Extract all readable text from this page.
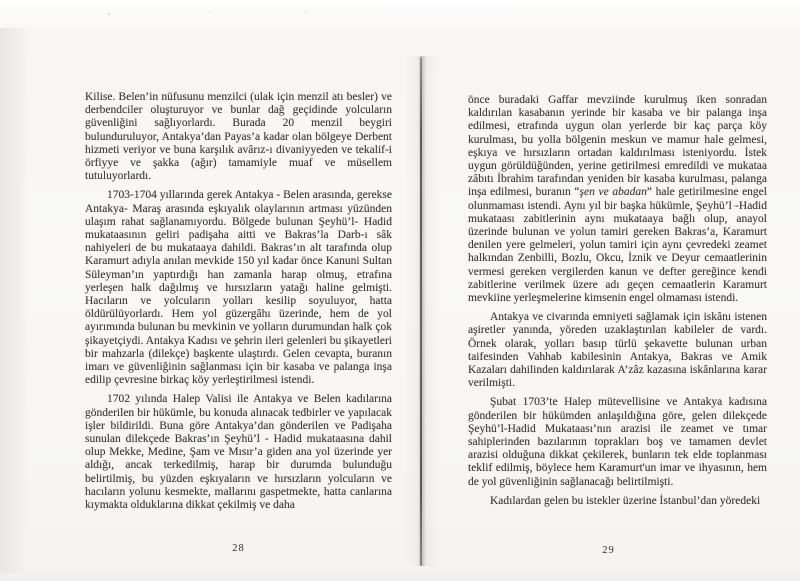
Kilise. Belen’in nüfusunu menzilci (ulak için menzil atı besler) ve derbendciler oluşturuyor ve bunlar dağ geçidinde yolcuların güvenliğini sağlıyorlardı. Burada 20 menzil beygiri bulunduruluyor, Antakya’dan Payas’a kadar olan bölgeye Derbent hizmeti veriyor ve buna karşılık avârız-ı divaniyyeden ve tekalif-i örfiyye ve şakka (ağır) tamamiyle muaf ve müsellem tutuluyorlardı.

1703-1704 yıllarında gerek Antakya - Belen arasında, gerekse Antakya- Maraş arasında eşkıyalık olaylarının artması yüzünden ulaşım rahat sağlanamıyordu. Bölgede bulunan Şeyhü’l- Hadid mukataasının geliri padişaha aitti ve Bakras’la Darb-ı sâk nahiyeleri de bu mukataaya dahildi. Bakras’ın alt tarafında olup Karamurt adıyla anılan mevkide 150 yıl kadar önce Kanuni Sultan Süleyman’ın yaptırdığı han zamanla harap olmuş, etrafına yerleşen halk dağılmış ve hırsızların yatağı haline gelmişti. Hacıların ve yolcuların yolları kesilip soyuluyor, hatta öldürülüyorlardı. Hem yol güzergâhı üzerinde, hem de yol ayırımında bulunan bu mevkinin ve yolların durumundan halk çok şikayetçiydi. Antakya Kadısı ve şehrin ileri gelenleri bu şikayetleri bir mahzarla (dilekçe) başkente ulaştırdı. Gelen cevapta, buranın imarı ve güvenliğinin sağlanması için bir kasaba ve palanga inşa edilip çevresine birkaç köy yerleştirilmesi istendi.

1702 yılında Halep Valisi ile Antakya ve Belen kadılarına gönderilen bir hükümle, bu konuda alınacak tedbirler ve yapılacak işler bildirildi. Buna göre Antakya’dan gönderilen ve Padişaha sunulan dilekçede Bakras’ın Şeyhü’l - Hadid mukataasına dahil olup Mekke, Medine, Şam ve Mısır’a giden ana yol üzerinde yer aldığı, ancak terkedilmiş, harap bir durumda bulunduğu belirtilmiş, bu yüzden eşkıyaların ve hırsızların yolcuların ve hacıların yolunu kesmekte, mallarını gaspetmekte, hatta canlarına kıymakta olduklarına dikkat çekilmiş ve daha

önce buradaki Gaffar mevziinde kurulmuş iken sonradan kaldırılan kasabanın yerinde bir kasaba ve bir palanga inşa edilmesi, etrafında uygun olan yerlerde bir kaç parça köy kurulması, bu yolla bölgenin meskun ve mamur hale gelmesi, eşkıya ve hırsızların ortadan kaldırılması isteniyordu. İstek uygun görüldüğünden, yerine getirilmesi emredildi ve mukataa zâbıtı İbrahim tarafından yeniden bir kasaba kurulması, palanga inşa edilmesi, buranın “şen ve abadan” hale getirilmesine engel olunmaması istendi. Aynı yıl bir başka hükümle, Şeyhü’l -Hadid mukataası zabitlerinin aynı mukataaya bağlı olup, anayol üzerinde bulunan ve yolun tamiri gereken Bakras’a, Karamurt denilen yere gelmeleri, yolun tamiri için aynı çevredeki zeamet halkından Zenbilli, Bozlu, Okcu, İznik ve Deyur cemaatlerinin vermesi gereken vergilerden kanun ve defter gereğince kendi zabitlerine verilmek üzere adı geçen cemaatlerin Karamurt mevkiine yerleşmelerine kimsenin engel olmaması istendi.

Antakya ve civarında emniyeti sağlamak için iskânı istenen aşiretler yanında, yöreden uzaklaştırılan kabileler de vardı. Örnek olarak, yolları basıp türlü şekavette bulunan urban taifesinden Vahhab kabilesinin Antakya, Bakras ve Amik Kazaları dahilinden kaldırılarak A’zâz kazasına iskânlarına karar verilmişti.

Şubat 1703’te Halep mütevellisine ve Antakya kadısına gönderilen bir hükümden anlaşıldığına göre, gelen dilekçede Şeyhü’l-Hadid Mukataası’nın arazisi ile zeamet ve tımar sahiplerinden bazılarının toprakları boş ve tamamen devlet arazisi olduğuna dikkat çekilerek, bunların tek elde toplanması teklif edilmiş, böylece hem Karamurt'un imar ve ihyasının, hem de yol güvenliğinin sağlanacağı belirtilmişti.

Kadılardan gelen bu istekler üzerine İstanbul’dan yöredeki

28	29
